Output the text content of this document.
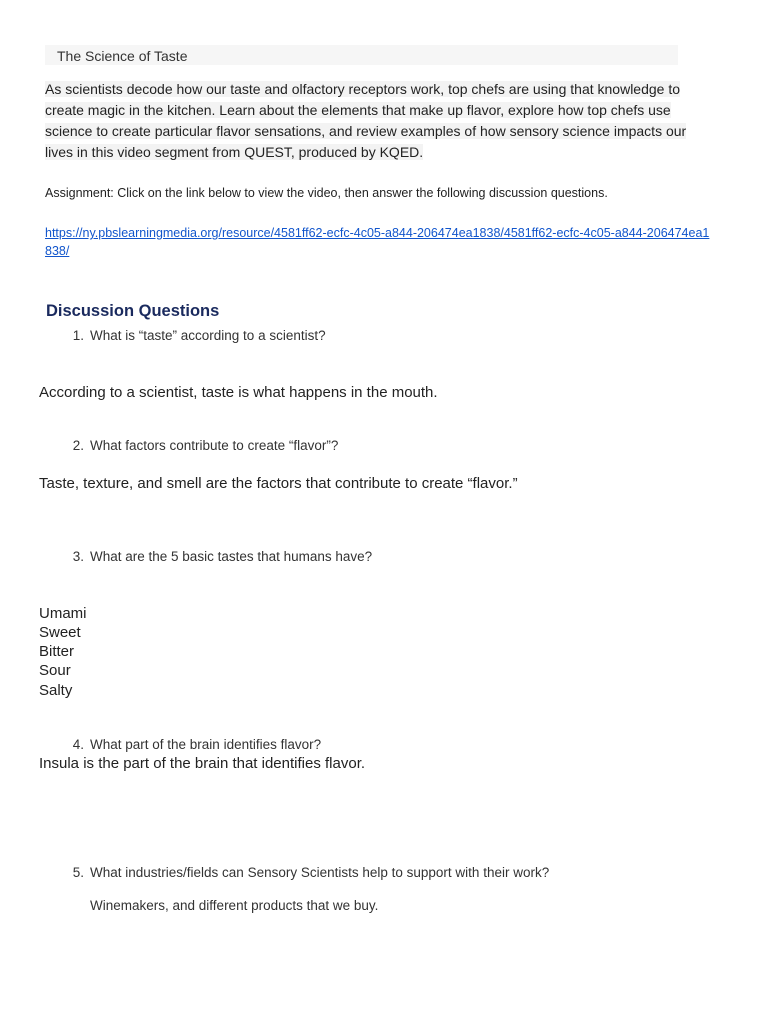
The Science of Taste
As scientists decode how our taste and olfactory receptors work, top chefs are using that knowledge to create magic in the kitchen. Learn about the elements that make up flavor, explore how top chefs use science to create particular flavor sensations, and review examples of how sensory science impacts our lives in this video segment from QUEST, produced by KQED.
Assignment: Click on the link below to view the video, then answer the following discussion questions.
https://ny.pbslearningmedia.org/resource/4581ff62-ecfc-4c05-a844-206474ea1838/4581ff62-ecfc-4c05-a844-206474ea1838/
Discussion Questions
1. What is “taste” according to a scientist?
According to a scientist, taste is what happens in the mouth.
2. What factors contribute to create “flavor”?
Taste, texture, and smell are the factors that contribute to create “flavor.”
3. What are the 5 basic tastes that humans have?
Umami
Sweet
Bitter
Sour
Salty
4. What part of the brain identifies flavor?
Insula is the part of the brain that identifies flavor.
5. What industries/fields can Sensory Scientists help to support with their work?
Winemakers, and different products that we buy.
